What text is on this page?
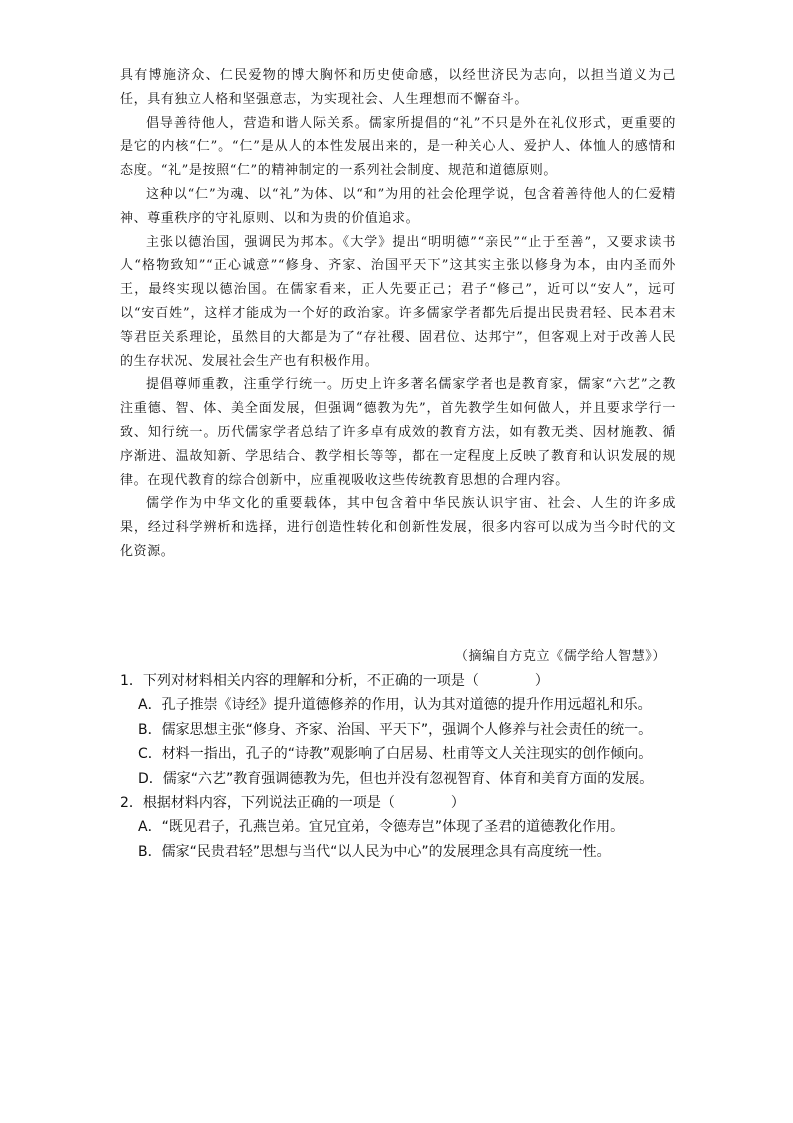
具有博施济众、仁民爱物的博大胸怀和历史使命感，以经世济民为志向，以担当道义为己任，具有独立人格和坚强意志，为实现社会、人生理想而不懈奋斗。

倡导善待他人，营造和谐人际关系。儒家所提倡的“礼”不只是外在礼仪形式，更重要的是它的内核“仁”。“仁”是从人的本性发展出来的，是一种关心人、爱护人、体恤人的感情和态度。“礼”是按照“仁”的精神制定的一系列社会制度、规范和道德原则。

这种以“仁”为魂、以“礼”为体、以“和”为用的社会伦理学说，包含着善待他人的仁爱精神、尊重秩序的守礼原则、以和为贵的价值追求。

主张以德治国，强调民为邦本。《大学》提出“明明德”“亲民”“止于至善”，又要求读书人“格物致知”“正心诚意”“修身、齐家、治国平天下”这其实主张以修身为本，由内圣而外王，最终实现以德治国。在儒家看来，正人先要正己；君子“修己”，近可以“安人”，远可以“安百姓”，这样才能成为一个好的政治家。许多儒家学者都先后提出民贵君轻、民本君末等君臣关系理论，虽然目的大都是为了“存社稷、固君位、达邦宁”，但客观上对于改善人民的生存状况、发展社会生产也有积极作用。

提倡尊师重教，注重学行统一。历史上许多著名儒家学者也是教育家，儒家“六艺”之教注重德、智、体、美全面发展，但强调“德教为先”，首先教学生如何做人，并且要求学行一致、知行统一。历代儒家学者总结了许多卓有成效的教育方法，如有教无类、因材施教、循序渐进、温故知新、学思结合、教学相长等等，都在一定程度上反映了教育和认识发展的规律。在现代教育的综合创新中，应重视吸收这些传统教育思想的合理内容。

儒学作为中华文化的重要载体，其中包含着中华民族认识宇宙、社会、人生的许多成果，经过科学辨析和选择，进行创造性转化和创新性发展，很多内容可以成为当今时代的文化资源。

（摘编自方克立《儒学给人智慧》）
1．下列对材料相关内容的理解和分析，不正确的一项是（	）
A．孔子推崇《诗经》提升道德修养的作用，认为其对道德的提升作用远超礼和乐。
B．儒家思想主张“修身、齐家、治国、平天下”，强调个人修养与社会责任的统一。
C．材料一指出，孔子的“诗教”观影响了白居易、杜甫等文人关注现实的创作倾向。
D．儒家“六艺”教育强调德教为先，但也并没有忽视智育、体育和美育方面的发展。
2．根据材料内容，下列说法正确的一项是（	）
A．“既见君子，孔燕岂弟。宜兄宜弟，令德寿岂”体现了圣君的道德教化作用。
B．儒家“民贵君轻”思想与当代“以人民为中心”的发展理念具有高度统一性。
